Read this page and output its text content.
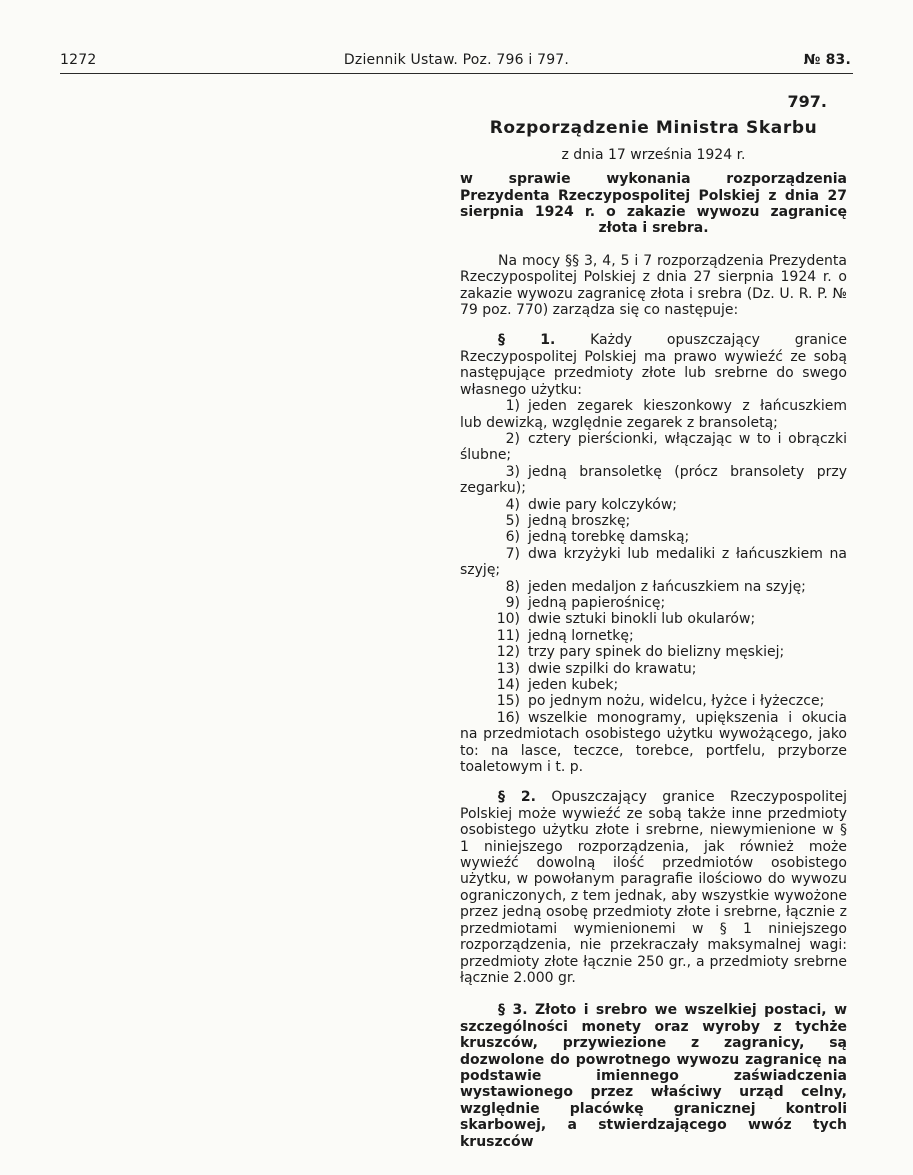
1272	Dziennik Ustaw. Poz. 796 i 797.	№ 83.
797.
Rozporządzenie Ministra Skarbu
z dnia 17 września 1924 r.
w sprawie wykonania rozporządzenia Prezydenta Rzeczypospolitej Polskiej z dnia 27 sierpnia 1924 r. o zakazie wywozu zagranicę złota i srebra.

Na mocy §§ 3, 4, 5 i 7 rozporządzenia Prezydenta Rzeczypospolitej Polskiej z dnia 27 sierpnia 1924 r. o zakazie wywozu zagranicę złota i srebra (Dz. U. R. P. № 79 poz. 770) zarządza się co następuje:

§ 1. Każdy opuszczający granice Rzeczypospolitej Polskiej ma prawo wywieźć ze sobą następujące przedmioty złote lub srebrne do swego własnego użytku:

1) jeden zegarek kieszonkowy z łańcuszkiem lub dewizką, względnie zegarek z bransoletą;
2) cztery pierścionki, włączając w to i obrączki ślubne;
3) jedną bransoletkę (prócz bransolety przy zegarku);
4) dwie pary kolczyków;
5) jedną broszkę;
6) jedną torebkę damską;
7) dwa krzyżyki lub medaliki z łańcuszkiem na szyję;
8) jeden medaljon z łańcuszkiem na szyję;
9) jedną papierośnicę;
10) dwie sztuki binokli lub okularów;
11) jedną lornetkę;
12) trzy pary spinek do bielizny męskiej;
13) dwie szpilki do krawatu;
14) jeden kubek;
15) po jednym nożu, widelcu, łyżce i łyżeczce;
16) wszelkie monogramy, upiększenia i okucia na przedmiotach osobistego użytku wywożącego, jako to: na lasce, teczce, torebce, portfelu, przyborze toaletowym i t. p.

§ 2. Opuszczający granice Rzeczypospolitej Polskiej może wywieźć ze sobą także inne przedmioty osobistego użytku złote i srebrne, niewymienione w § 1 niniejszego rozporządzenia, jak również może wywieźć dowolną ilość przedmiotów osobistego użytku, w powołanym paragrafie ilościowo do wywozu ograniczonych, z tem jednak, aby wszystkie wywożone przez jedną osobę przedmioty złote i srebrne, łącznie z przedmiotami wymienionemi w § 1 niniejszego rozporządzenia, nie przekraczały maksymalnej wagi: przedmioty złote łącznie 250 gr., a przedmioty srebrne łącznie 2.000 gr.

§ 3. Złoto i srebro we wszelkiej postaci, w szczególności monety oraz wyroby z tychże kruszców, przywiezione z zagranicy, są dozwolone do powrotnego wywozu zagranicę na podstawie imiennego zaświadczenia wystawionego przez właściwy urząd celny, względnie placówkę granicznej kontroli skarbowej, a stwierdzającego wwóz tych kruszców
